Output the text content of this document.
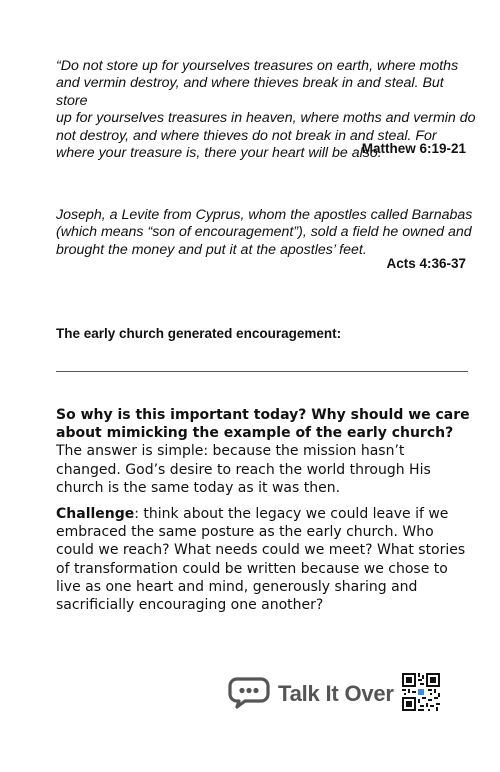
“Do not store up for yourselves treasures on earth, where moths
and vermin destroy, and where thieves break in and steal. But store
up for yourselves treasures in heaven, where moths and vermin do
not destroy, and where thieves do not break in and steal. For
where your treasure is, there your heart will be also.
Matthew 6:19-21
Joseph, a Levite from Cyprus, whom the apostles called Barnabas
(which means “son of encouragement”), sold a field he owned and
brought the money and put it at the apostles’ feet.
Acts 4:36-37
The early church generated encouragement:
So why is this important today? Why should we care
about mimicking the example of the early church?
The answer is simple: because the mission hasn’t
changed. God’s desire to reach the world through His
church is the same today as it was then.
Challenge: think about the legacy we could leave if we
embraced the same posture as the early church. Who
could we reach? What needs could we meet? What stories
of transformation could be written because we chose to
live as one heart and mind, generously sharing and
sacrificially encouraging one another?
Talk It Over
